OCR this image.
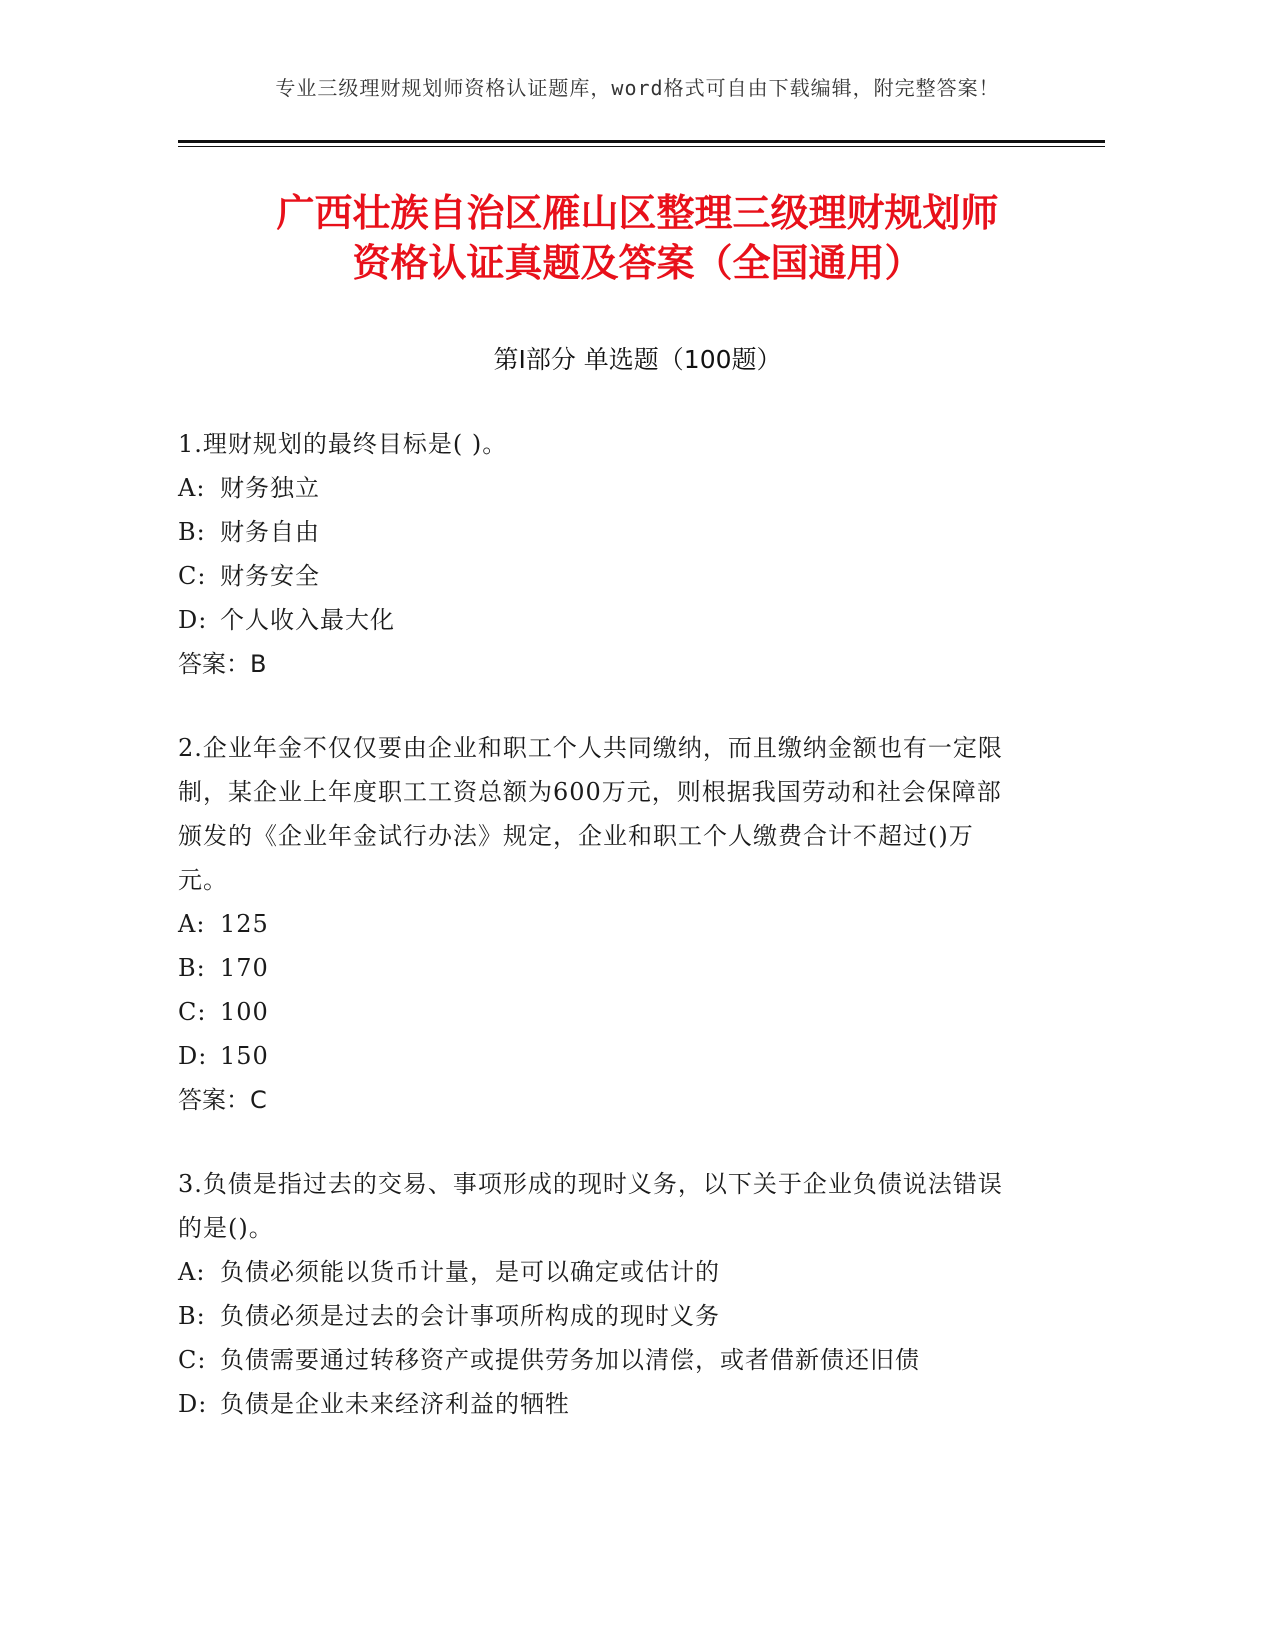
专业三级理财规划师资格认证题库，word格式可自由下载编辑，附完整答案！
广西壮族自治区雁山区整理三级理财规划师
资格认证真题及答案（全国通用）
第Ⅰ部分 单选题（100题）

1.理财规划的最终目标是( )。

A: 财务独立

B: 财务自由

C: 财务安全

D: 个人收入最大化

答案：B

2.企业年金不仅仅要由企业和职工个人共同缴纳，而且缴纳金额也有一定限制，某企业上年度职工工资总额为600万元，则根据我国劳动和社会保障部颁发的《企业年金试行办法》规定，企业和职工个人缴费合计不超过()万元。

A: 125

B: 170

C: 100

D: 150

答案：C

3.负债是指过去的交易、事项形成的现时义务，以下关于企业负债说法错误的是()。

A: 负债必须能以货币计量，是可以确定或估计的

B: 负债必须是过去的会计事项所构成的现时义务

C: 负债需要通过转移资产或提供劳务加以清偿，或者借新债还旧债

D: 负债是企业未来经济利益的牺牲
